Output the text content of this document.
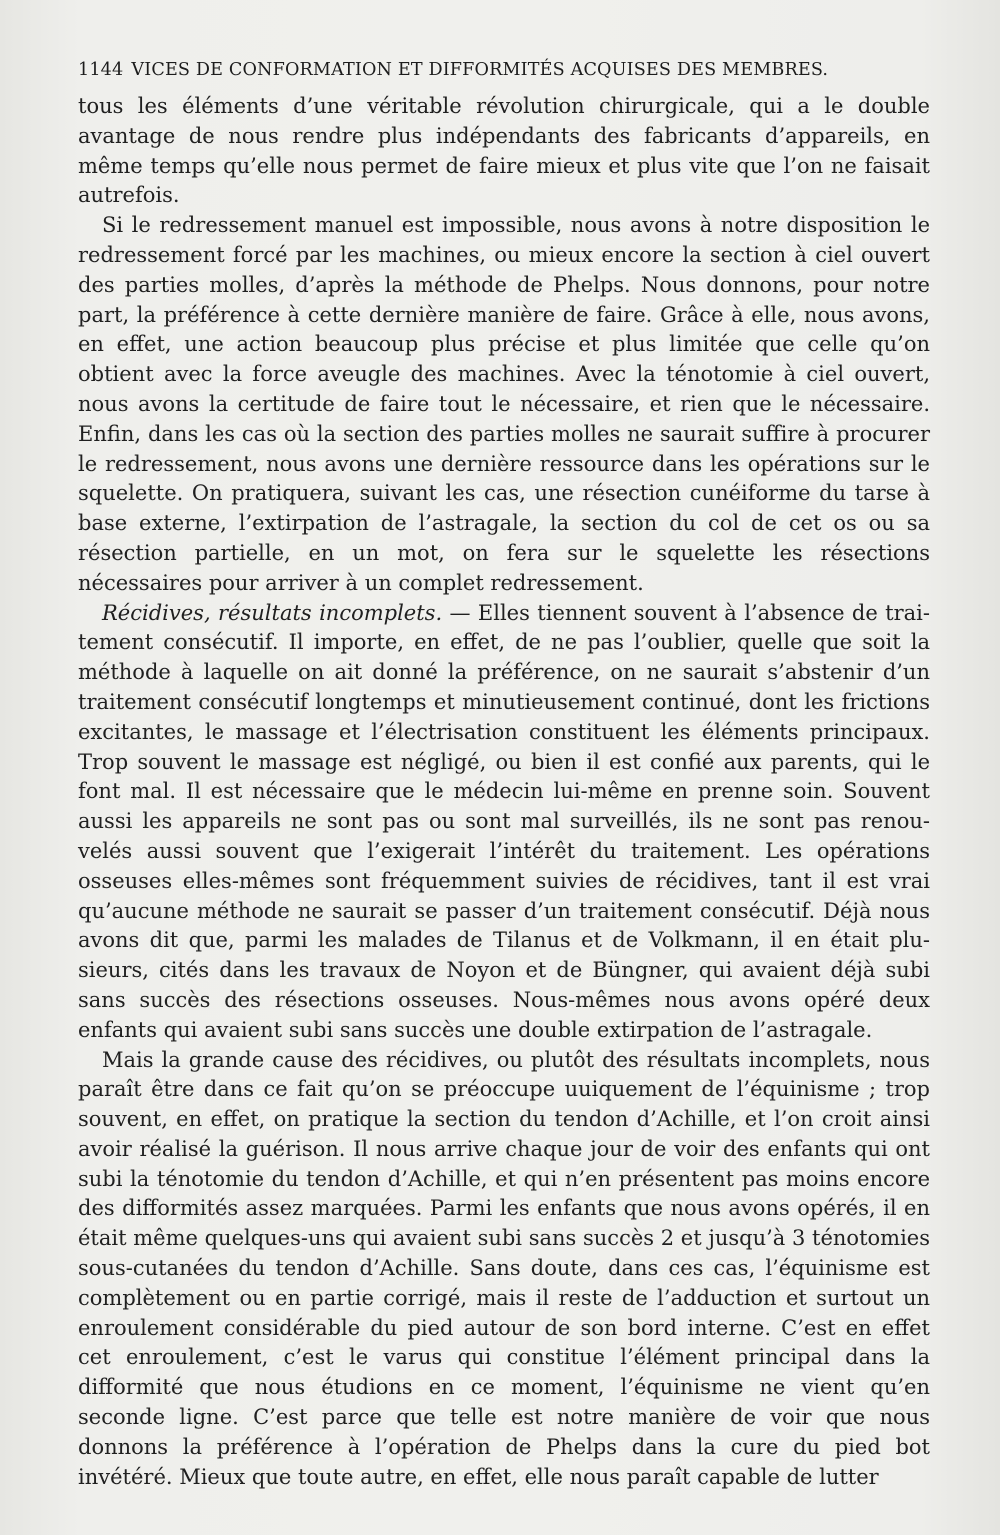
1144 VICES DE CONFORMATION ET DIFFORMITÉS ACQUISES DES MEMBRES.

tous les éléments d’une véritable révolution chirurgicale, qui a le double avantage de nous rendre plus indépendants des fabricants d’appareils, en même temps qu’elle nous permet de faire mieux et plus vite que l’on ne faisait autrefois.

Si le redressement manuel est impossible, nous avons à notre disposition le redressement forcé par les machines, ou mieux encore la section à ciel ouvert des parties molles, d’après la méthode de Phelps. Nous donnons, pour notre part, la préférence à cette dernière manière de faire. Grâce à elle, nous avons, en effet, une action beaucoup plus précise et plus limitée que celle qu’on obtient avec la force aveugle des machines. Avec la ténotomie à ciel ouvert, nous avons la certitude de faire tout le nécessaire, et rien que le nécessaire. Enfin, dans les cas où la section des parties molles ne saurait suffire à procurer le redressement, nous avons une dernière ressource dans les opérations sur le squelette. On pratiquera, suivant les cas, une résection cunéiforme du tarse à base externe, l’extirpation de l’astragale, la section du col de cet os ou sa résection partielle, en un mot, on fera sur le squelette les résections nécessaires pour arriver à un complet redressement.

Récidives, résultats incomplets. — Elles tiennent souvent à l’absence de traitement consécutif. Il importe, en effet, de ne pas l’oublier, quelle que soit la méthode à laquelle on ait donné la préférence, on ne saurait s’abstenir d’un traitement consécutif longtemps et minutieusement continué, dont les frictions excitantes, le massage et l’électrisation constituent les éléments principaux. Trop souvent le massage est négligé, ou bien il est confié aux parents, qui le font mal. Il est nécessaire que le médecin lui-même en prenne soin. Souvent aussi les appareils ne sont pas ou sont mal surveillés, ils ne sont pas renouvelés aussi souvent que l’exigerait l’intérêt du traitement. Les opérations osseuses elles-mêmes sont fréquemment suivies de récidives, tant il est vrai qu’aucune méthode ne saurait se passer d’un traitement consécutif. Déjà nous avons dit que, parmi les malades de Tilanus et de Volkmann, il en était plusieurs, cités dans les travaux de Noyon et de Büngner, qui avaient déjà subi sans succès des résections osseuses. Nous-mêmes nous avons opéré deux enfants qui avaient subi sans succès une double extirpation de l’astragale.

Mais la grande cause des récidives, ou plutôt des résultats incomplets, nous paraît être dans ce fait qu’on se préoccupe uuiquement de l’équinisme ; trop souvent, en effet, on pratique la section du tendon d’Achille, et l’on croit ainsi avoir réalisé la guérison. Il nous arrive chaque jour de voir des enfants qui ont subi la ténotomie du tendon d’Achille, et qui n’en présentent pas moins encore des difformités assez marquées. Parmi les enfants que nous avons opérés, il en était même quelques-uns qui avaient subi sans succès 2 et jusqu’à 3 ténotomies sous-cutanées du tendon d’Achille. Sans doute, dans ces cas, l’équinisme est complètement ou en partie corrigé, mais il reste de l’adduction et surtout un enroulement considérable du pied autour de son bord interne. C’est en effet cet enroulement, c’est le varus qui constitue l’élément principal dans la difformité que nous étudions en ce moment, l’équinisme ne vient qu’en seconde ligne. C’est parce que telle est notre manière de voir que nous donnons la préférence à l’opération de Phelps dans la cure du pied bot invétéré. Mieux que toute autre, en effet, elle nous paraît capable de lutter
